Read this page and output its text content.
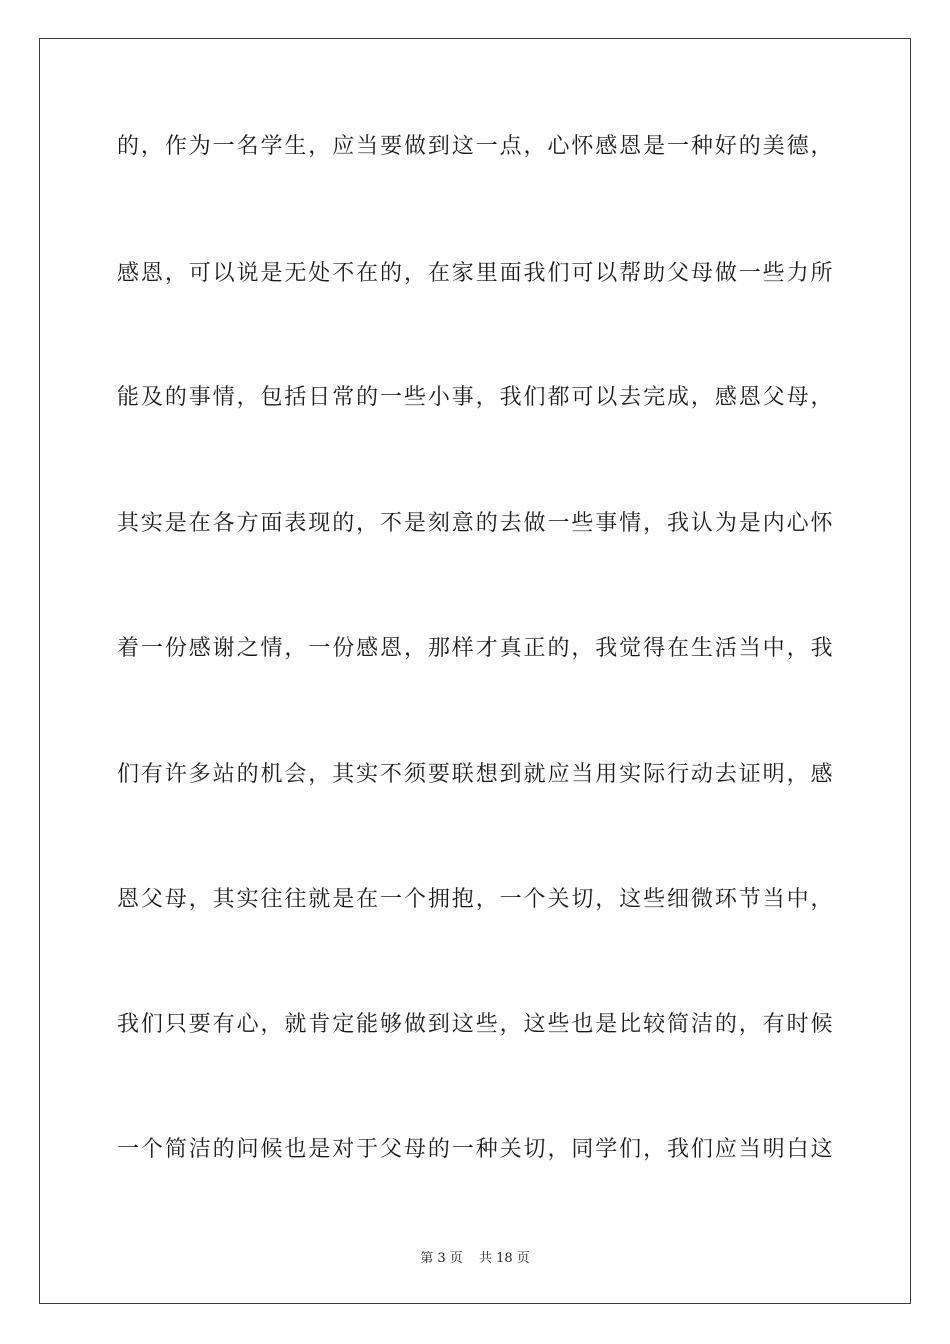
的，作为一名学生，应当要做到这一点，心怀感恩是一种好的美德，
感恩，可以说是无处不在的，在家里面我们可以帮助父母做一些力所
能及的事情，包括日常的一些小事，我们都可以去完成，感恩父母，
其实是在各方面表现的，不是刻意的去做一些事情，我认为是内心怀
着一份感谢之情，一份感恩，那样才真正的，我觉得在生活当中，我
们有许多站的机会，其实不须要联想到就应当用实际行动去证明，感
恩父母，其实往往就是在一个拥抱，一个关切，这些细微环节当中，
我们只要有心，就肯定能够做到这些，这些也是比较简洁的，有时候
一个简洁的问候也是对于父母的一种关切，同学们，我们应当明白这
第 3 页 共 18 页
